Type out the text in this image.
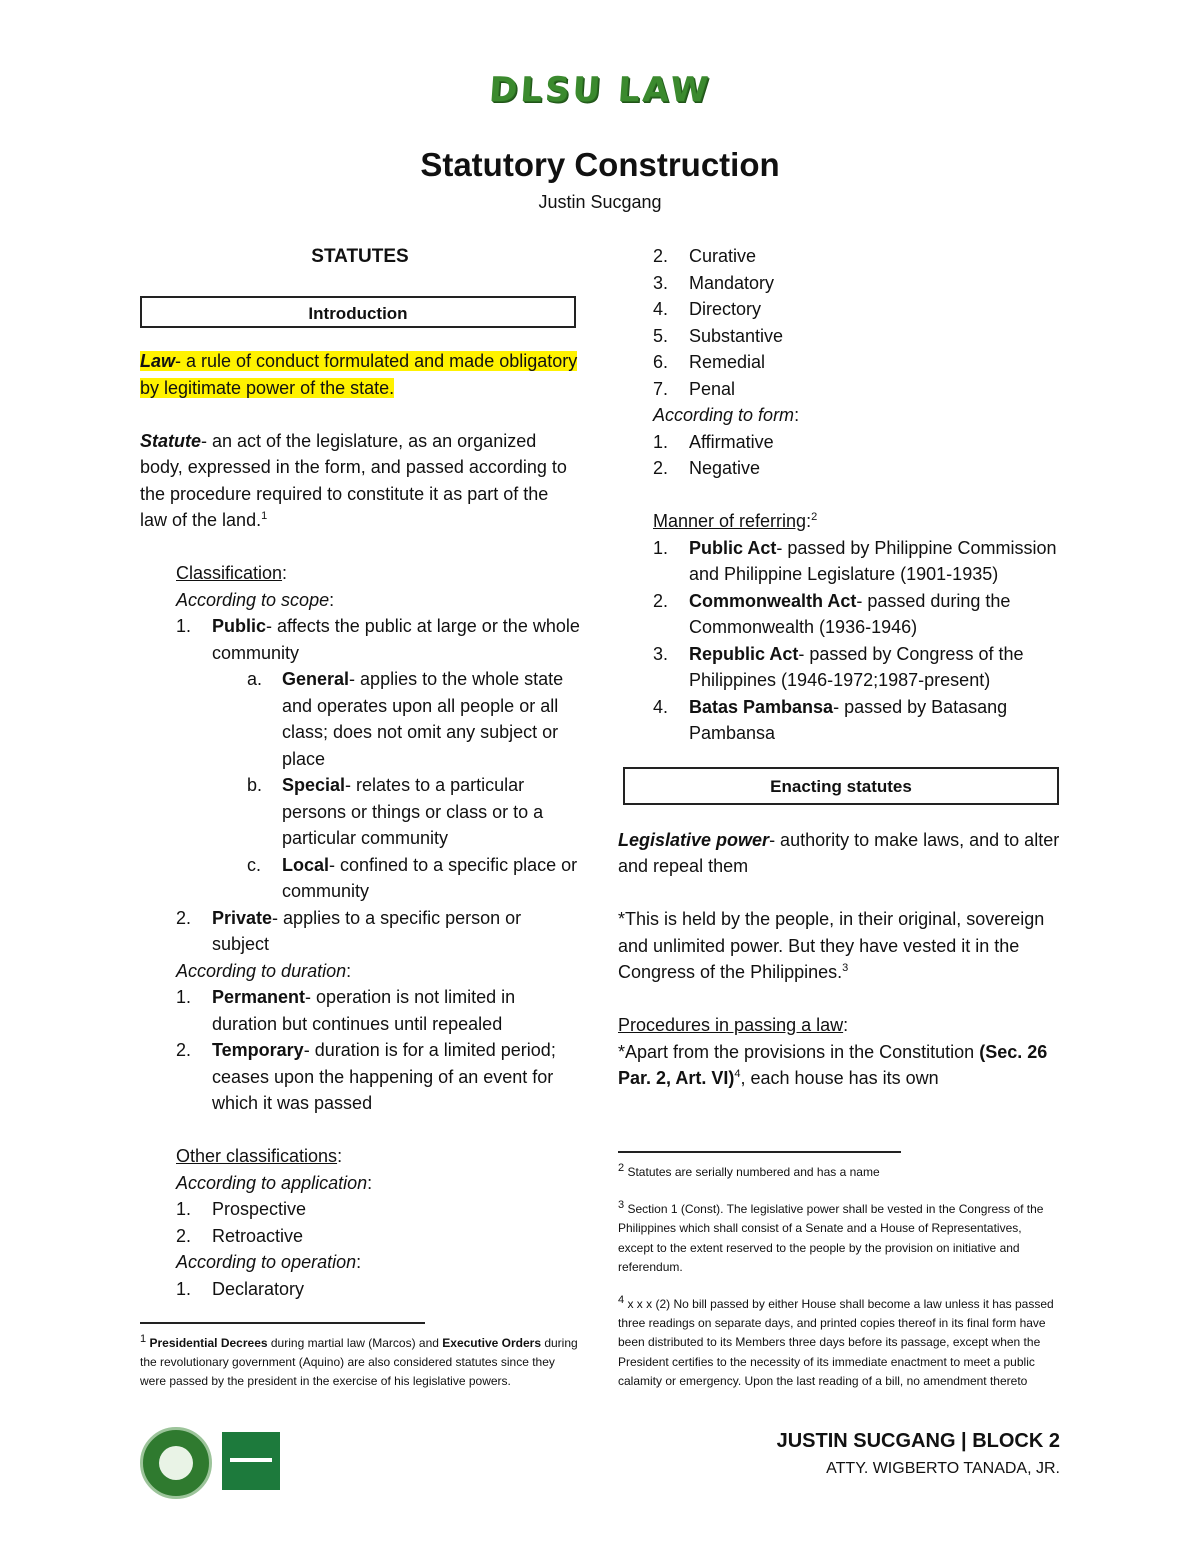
DLSU LAW
Statutory Construction
Justin Sucgang
STATUTES
Introduction

Law- a rule of conduct formulated and made obligatory by legitimate power of the state.

Statute- an act of the legislature, as an organized body, expressed in the form, and passed according to the procedure required to constitute it as part of the law of the land.$^1$

Classification:

According to scope:

1. Public- affects the public at large or the whole community
a. General- applies to the whole state and operates upon all people or all class; does not omit any subject or place
b. Special- relates to a particular persons or things or class or to a particular community
c. Local- confined to a specific place or community
2. Private- applies to a specific person or subject

According to duration:

1. Permanent- operation is not limited in duration but continues until repealed
2. Temporary- duration is for a limited period; ceases upon the happening of an event for which it was passed

Other classifications:

According to application:

1. Prospective
2. Retroactive

According to operation:

1. Declaratory

$^1$ Presidential Decrees during martial law (Marcos) and Executive Orders during the revolutionary government (Aquino) are also considered statutes since they were passed by the president in the exercise of his legislative powers.

2. Curative
3. Mandatory
4. Directory
5. Substantive
6. Remedial
7. Penal

According to form:

1. Affirmative
2. Negative

Manner of referring:$^2$

1. Public Act- passed by Philippine Commission and Philippine Legislature (1901-1935)
2. Commonwealth Act- passed during the Commonwealth (1936-1946)
3. Republic Act- passed by Congress of the Philippines (1946-1972;1987-present)
4. Batas Pambansa- passed by Batasang Pambansa
Enacting statutes

Legislative power- authority to make laws, and to alter and repeal them

*This is held by the people, in their original, sovereign and unlimited power. But they have vested it in the Congress of the Philippines.$^3$

Procedures in passing a law:

*Apart from the provisions in the Constitution (Sec. 26 Par. 2, Art. VI)$^4$, each house has its own

$^2$ Statutes are serially numbered and has a name

$^3$ Section 1 (Const). The legislative power shall be vested in the Congress of the Philippines which shall consist of a Senate and a House of Representatives, except to the extent reserved to the people by the provision on initiative and referendum.

$^4$ x x x (2) No bill passed by either House shall become a law unless it has passed three readings on separate days, and printed copies thereof in its final form have been distributed to its Members three days before its passage, except when the President certifies to the necessity of its immediate enactment to meet a public calamity or emergency. Upon the last reading of a bill, no amendment thereto

JUSTIN SUCGANG | BLOCK 2
ATTY. WIGBERTO TANADA, JR.
